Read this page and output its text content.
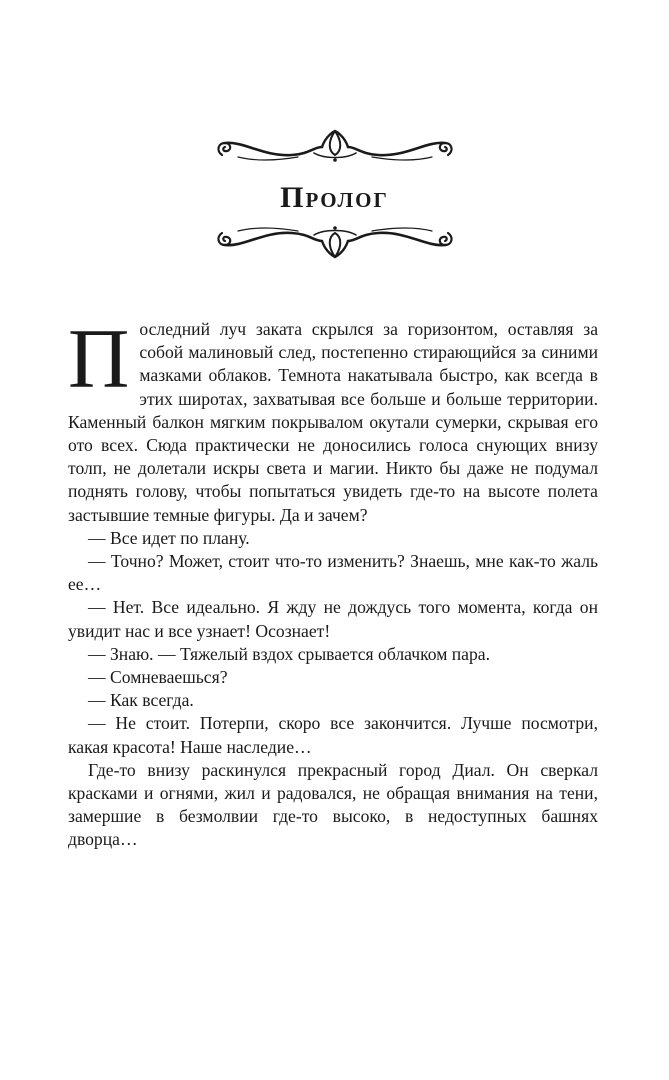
Пролог

Последний луч заката скрылся за горизонтом, оставляя за собой малиновый след, постепенно стирающийся за синими мазками облаков. Темнота накатывала быстро, как всегда в этих широтах, захватывая все больше и больше территории. Каменный балкон мягким покрывалом окутали сумерки, скрывая его ото всех. Сюда практически не доносились голоса снующих внизу толп, не долетали искры света и магии. Никто бы даже не подумал поднять голову, чтобы попытаться увидеть где-то на высоте полета застывшие темные фигуры. Да и зачем?

— Все идет по плану.

— Точно? Может, стоит что-то изменить? Знаешь, мне как-то жаль ее…

— Нет. Все идеально. Я жду не дождусь того момента, когда он увидит нас и все узнает! Осознает!

— Знаю. — Тяжелый вздох срывается облачком пара.

— Сомневаешься?

— Как всегда.

— Не стоит. Потерпи, скоро все закончится. Лучше посмотри, какая красота! Наше наследие…

Где-то внизу раскинулся прекрасный город Диал. Он сверкал красками и огнями, жил и радовался, не обращая внимания на тени, замершие в безмолвии где-то высоко, в недоступных башнях дворца…
